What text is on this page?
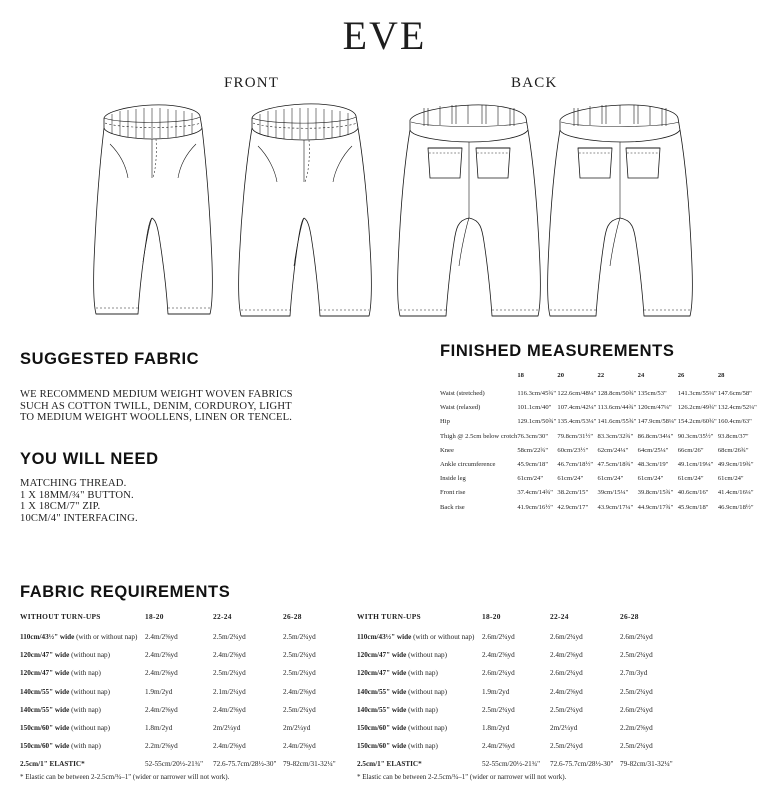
EVE
FRONT	BACK
SUGGESTED FABRIC
WE RECOMMEND MEDIUM WEIGHT WOVEN FABRICS
SUCH AS COTTON TWILL, DENIM, CORDUROY, LIGHT
TO MEDIUM WEIGHT WOOLLENS, LINEN OR TENCEL.
YOU WILL NEED
MATCHING THREAD.
1 X 18MM/¾" BUTTON.
1 X 18CM/7" ZIP.
10CM/4" INTERFACING.
FINISHED MEASUREMENTS
	18	20	22	24	26	28
Waist (stretched)	116.3cm/45¾"	122.6cm/48¼"	128.8cm/50¾"	135cm/53"	141.3cm/55¼"	147.6cm/58"
Waist (relaxed)	101.1cm/40"	107.4cm/42¼"	113.6cm/44¾"	120cm/47¼"	126.2cm/49¾"	132.4cm/52¼"
Hip	129.1cm/50¾"	135.4cm/53¼"	141.6cm/55¾"	147.9cm/58¼"	154.2cm/60¾"	160.4cm/63"
Thigh @ 2.5cm below crotch	76.3cm/30"	79.8cm/31½"	83.3cm/32¾"	86.8cm/34¼"	90.3cm/35½"	93.8cm/37"
Knee	58cm/22¾"	60cm/23½"	62cm/24¼"	64cm/25¼"	66cm/26"	68cm/26¾"
Ankle circumference	45.9cm/18"	46.7cm/18½"	47.5cm/18¾"	48.3cm/19"	49.1cm/19¼"	49.9cm/19¾"
Inside leg	61cm/24"	61cm/24"	61cm/24"	61cm/24"	61cm/24"	61cm/24"
Front rise	37.4cm/14¾"	38.2cm/15"	39cm/15¼"	39.8cm/15¾"	40.6cm/16"	41.4cm/16¼"
Back rise	41.9cm/16½"	42.9cm/17"	43.9cm/17¼"	44.9cm/17¾"	45.9cm/18"	46.9cm/18½"
FABRIC REQUIREMENTS
WITHOUT TURN-UPS	18-20	22-24	26-28
110cm/43½" wide (with or without nap)	2.4m/2⅝yd	2.5m/2¾yd	2.5m/2¾yd
120cm/47" wide (without nap)	2.4m/2⅝yd	2.4m/2⅝yd	2.5m/2¾yd
120cm/47" wide (with nap)	2.4m/2⅝yd	2.5m/2¾yd	2.5m/2¾yd
140cm/55" wide (without nap)	1.9m/2yd	2.1m/2¼yd	2.4m/2⅝yd
140cm/55" wide (with nap)	2.4m/2⅝yd	2.4m/2⅝yd	2.5m/2¾yd
150cm/60" wide (without nap)	1.8m/2yd	2m/2¼yd	2m/2¼yd
150cm/60" wide (with nap)	2.2m/2⅝yd	2.4m/2⅝yd	2.4m/2⅝yd
2.5cm/1" ELASTIC*	52-55cm/20½-21¾"	72.6-75.7cm/28½-30"	79-82cm/31-32¼"
WITH TURN-UPS	18-20	22-24	26-28
110cm/43½" wide (with or without nap)	2.6m/2¾yd	2.6m/2¾yd	2.6m/2¾yd
120cm/47" wide (without nap)	2.4m/2⅝yd	2.4m/2⅝yd	2.5m/2¾yd
120cm/47" wide (with nap)	2.6m/2¾yd	2.6m/2¾yd	2.7m/3yd
140cm/55" wide (without nap)	1.9m/2yd	2.4m/2⅝yd	2.5m/2¾yd
140cm/55" wide (with nap)	2.5m/2¾yd	2.5m/2¾yd	2.6m/2¾yd
150cm/60" wide (without nap)	1.8m/2yd	2m/2¼yd	2.2m/2⅝yd
150cm/60" wide (with nap)	2.4m/2⅝yd	2.5m/2¾yd	2.5m/2¾yd
2.5cm/1" ELASTIC*	52-55cm/20½-21¾"	72.6-75.7cm/28½-30"	79-82cm/31-32¼"
* Elastic can be between 2-2.5cm/¾–1" (wider or narrower will not work).	* Elastic can be between 2-2.5cm/¾–1" (wider or narrower will not work).
